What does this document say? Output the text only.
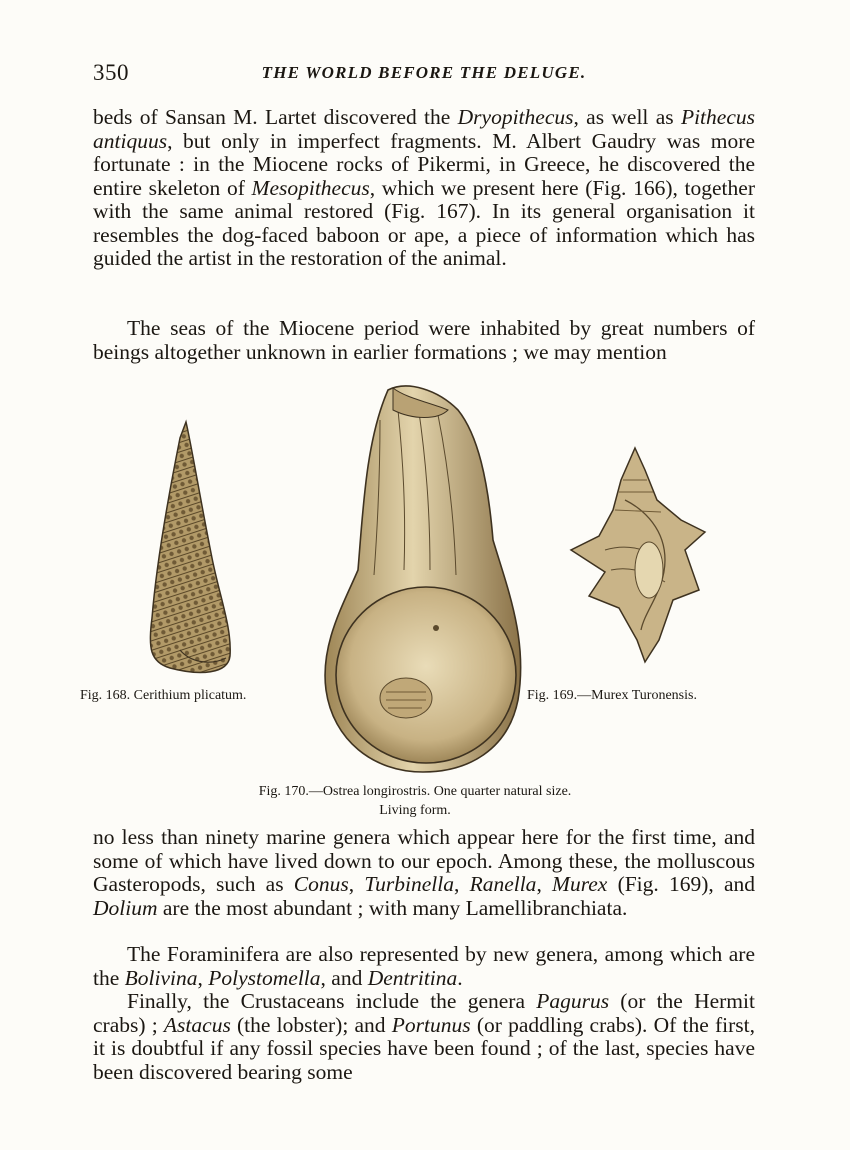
350	THE WORLD BEFORE THE DELUGE.

beds of Sansan M. Lartet discovered the Dryopithecus, as well as Pithecus antiquus, but only in imperfect fragments. M. Albert Gaudry was more fortunate : in the Miocene rocks of Pikermi, in Greece, he discovered the entire skeleton of Mesopithecus, which we present here (Fig. 166), together with the same animal restored (Fig. 167). In its general organisation it resembles the dog-faced baboon or ape, a piece of information which has guided the artist in the restoration of the animal.

The seas of the Miocene period were inhabited by great numbers of beings altogether unknown in earlier formations ; we may mention

Fig. 168. Cerithium plicatum.	Fig. 169.—Murex Turonensis.
Fig. 170.—Ostrea longirostris. One quarter natural size.
Living form.

no less than ninety marine genera which appear here for the first time, and some of which have lived down to our epoch. Among these, the molluscous Gasteropods, such as Conus, Turbinella, Ranella, Murex (Fig. 169), and Dolium are the most abundant ; with many Lamellibranchiata.

The Foraminifera are also represented by new genera, among which are the Bolivina, Polystomella, and Dentritina.

Finally, the Crustaceans include the genera Pagurus (or the Hermit crabs) ; Astacus (the lobster); and Portunus (or paddling crabs). Of the first, it is doubtful if any fossil species have been found ; of the last, species have been discovered bearing some
